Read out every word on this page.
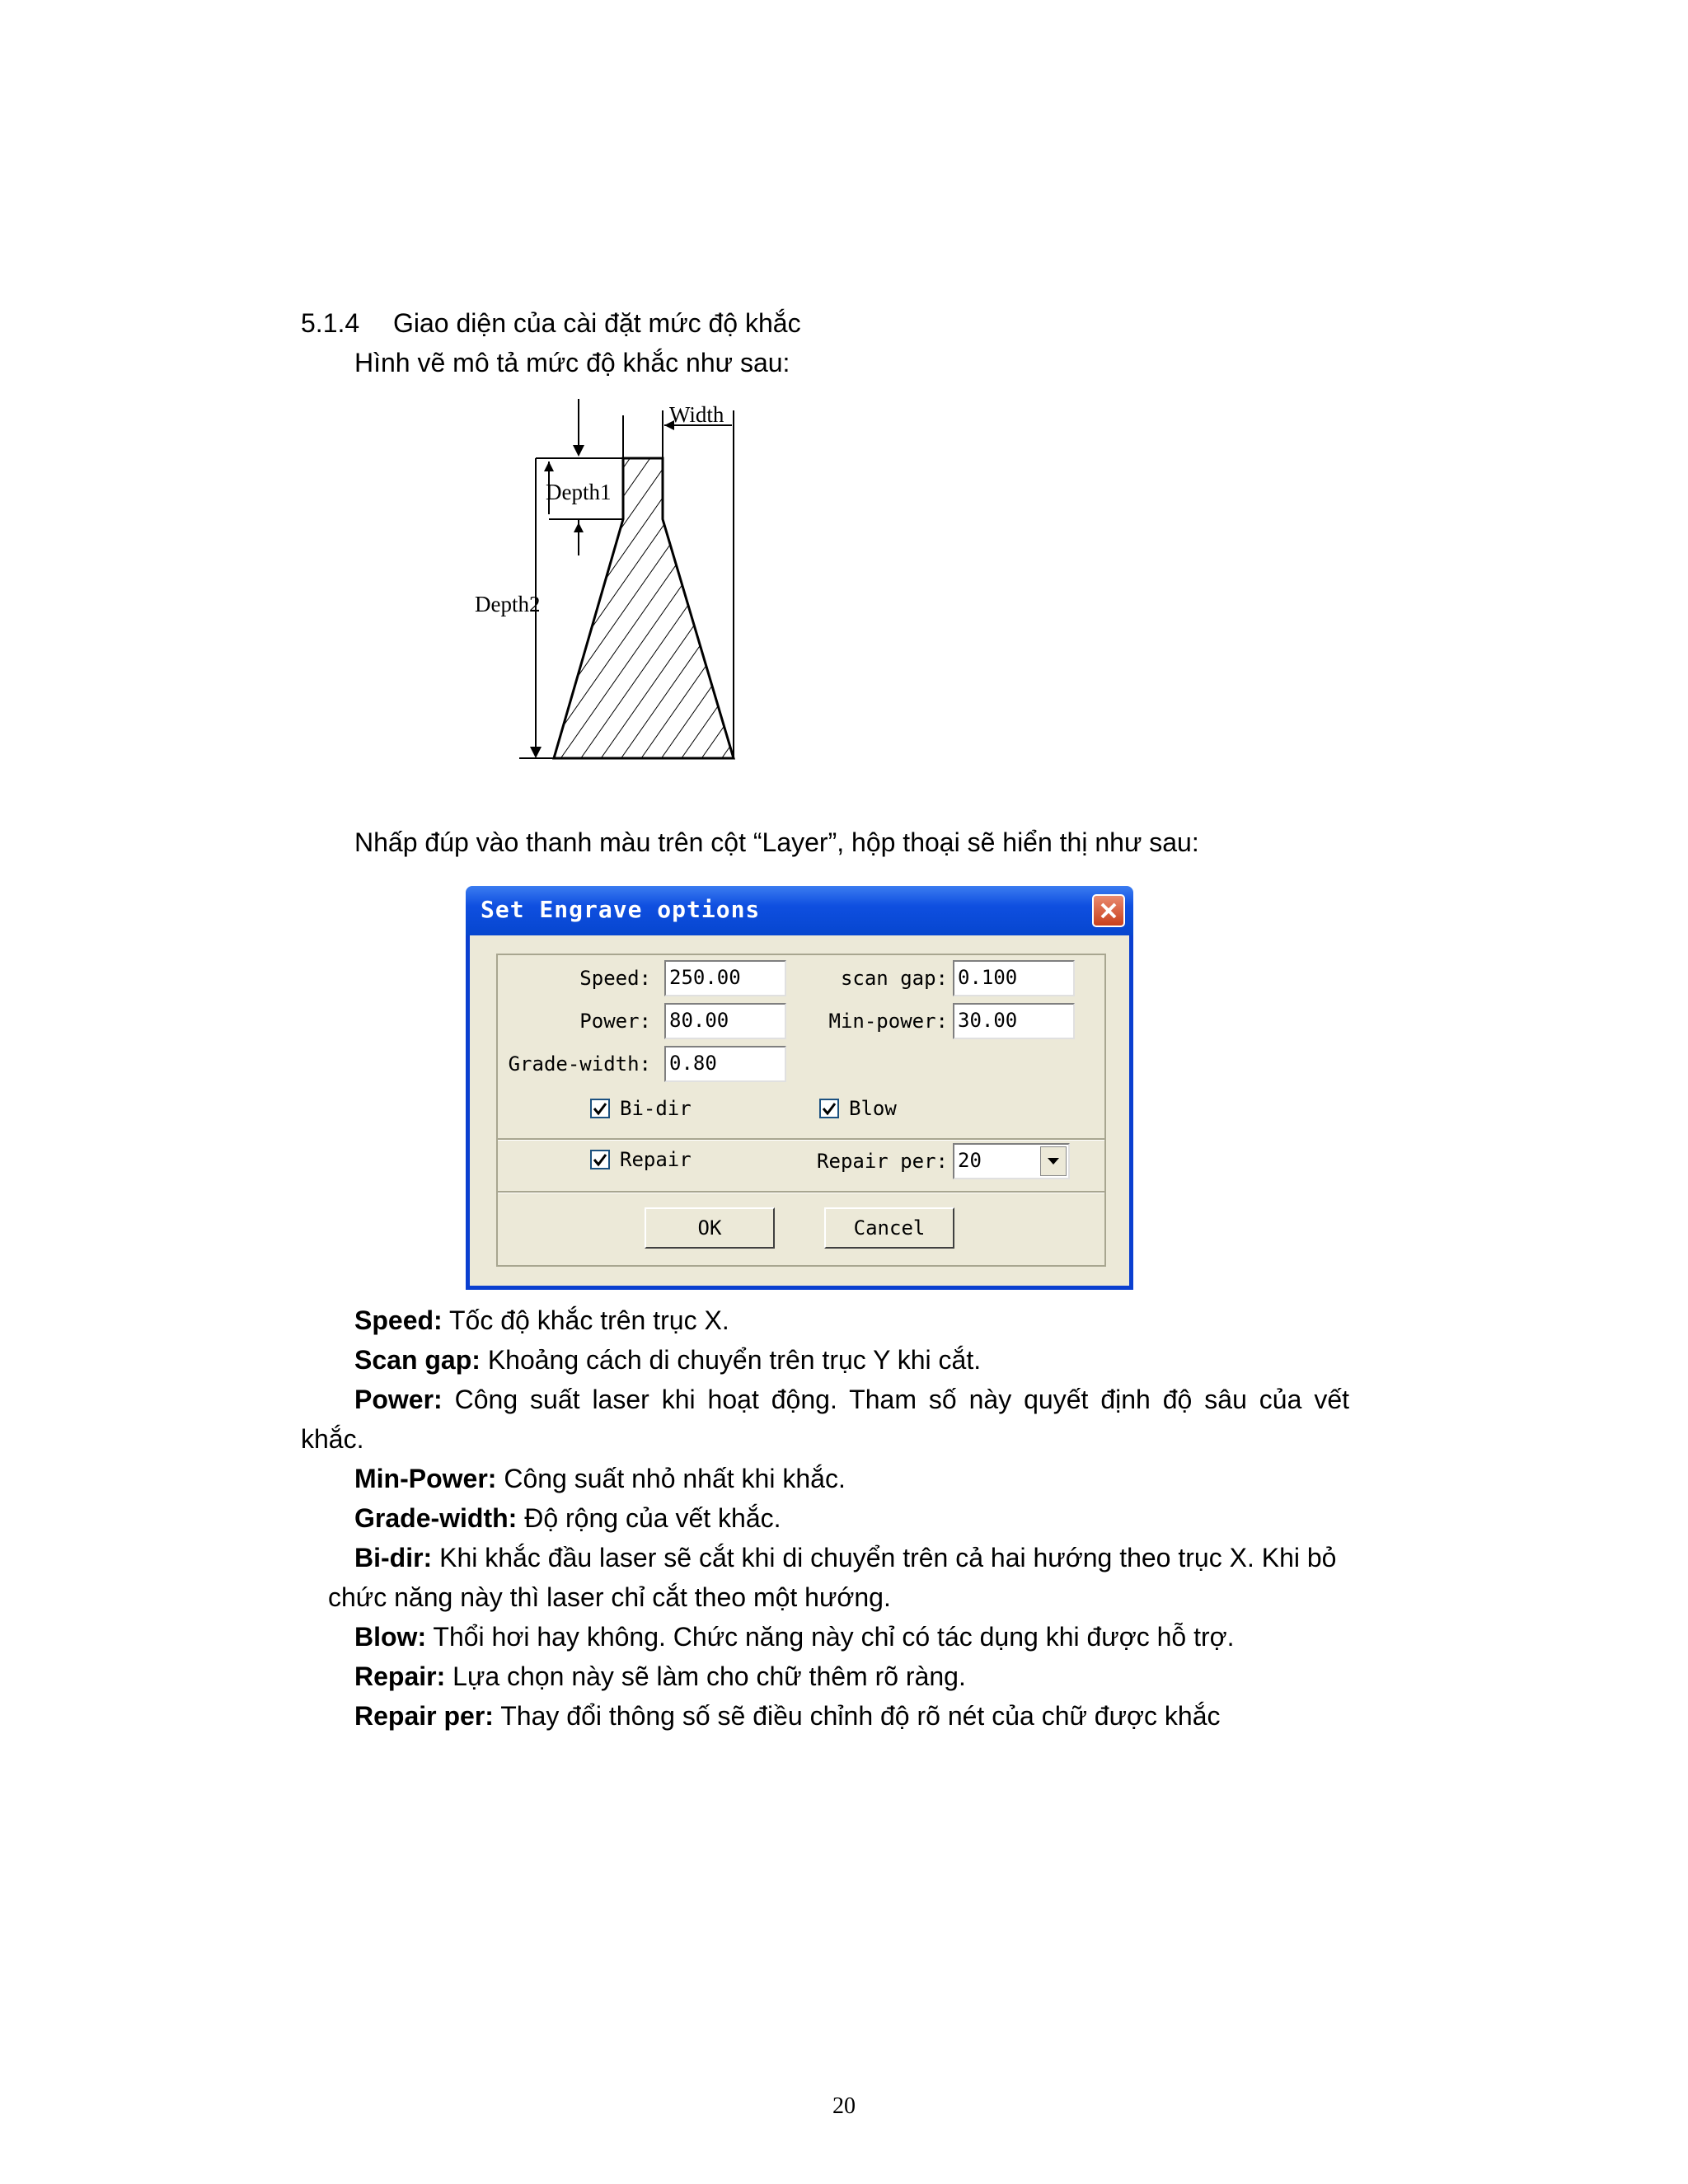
5.1.4 Giao diện của cài đặt mức độ khắc
Hình vẽ mô tả mức độ khắc như sau:
Width
Depth1
Depth2
Nhấp đúp vào thanh màu trên cột “Layer”, hộp thoại sẽ hiển thị như sau:
Set Engrave options
Speed: 250.00	scan gap: 0.100
Power: 80.00	Min-power: 30.00
Grade-width: 0.80
Bi-dir	Blow
Repair	Repair per: 20
OK	Cancel
Speed: Tốc độ khắc trên trục X.
Scan gap: Khoảng cách di chuyển trên trục Y khi cắt.
Power: Công suất laser khi hoạt động. Tham số này quyết định độ sâu của vết
khắc.
Min-Power: Công suất nhỏ nhất khi khắc.
Grade-width: Độ rộng của vết khắc.
Bi-dir: Khi khắc đầu laser sẽ cắt khi di chuyển trên cả hai hướng theo trục X. Khi bỏ
chức năng này thì laser chỉ cắt theo một hướng.
Blow: Thổi hơi hay không. Chức năng này chỉ có tác dụng khi được hỗ trợ.
Repair: Lựa chọn này sẽ làm cho chữ thêm rõ ràng.
Repair per: Thay đổi thông số sẽ điều chỉnh độ rõ nét của chữ được khắc
20
